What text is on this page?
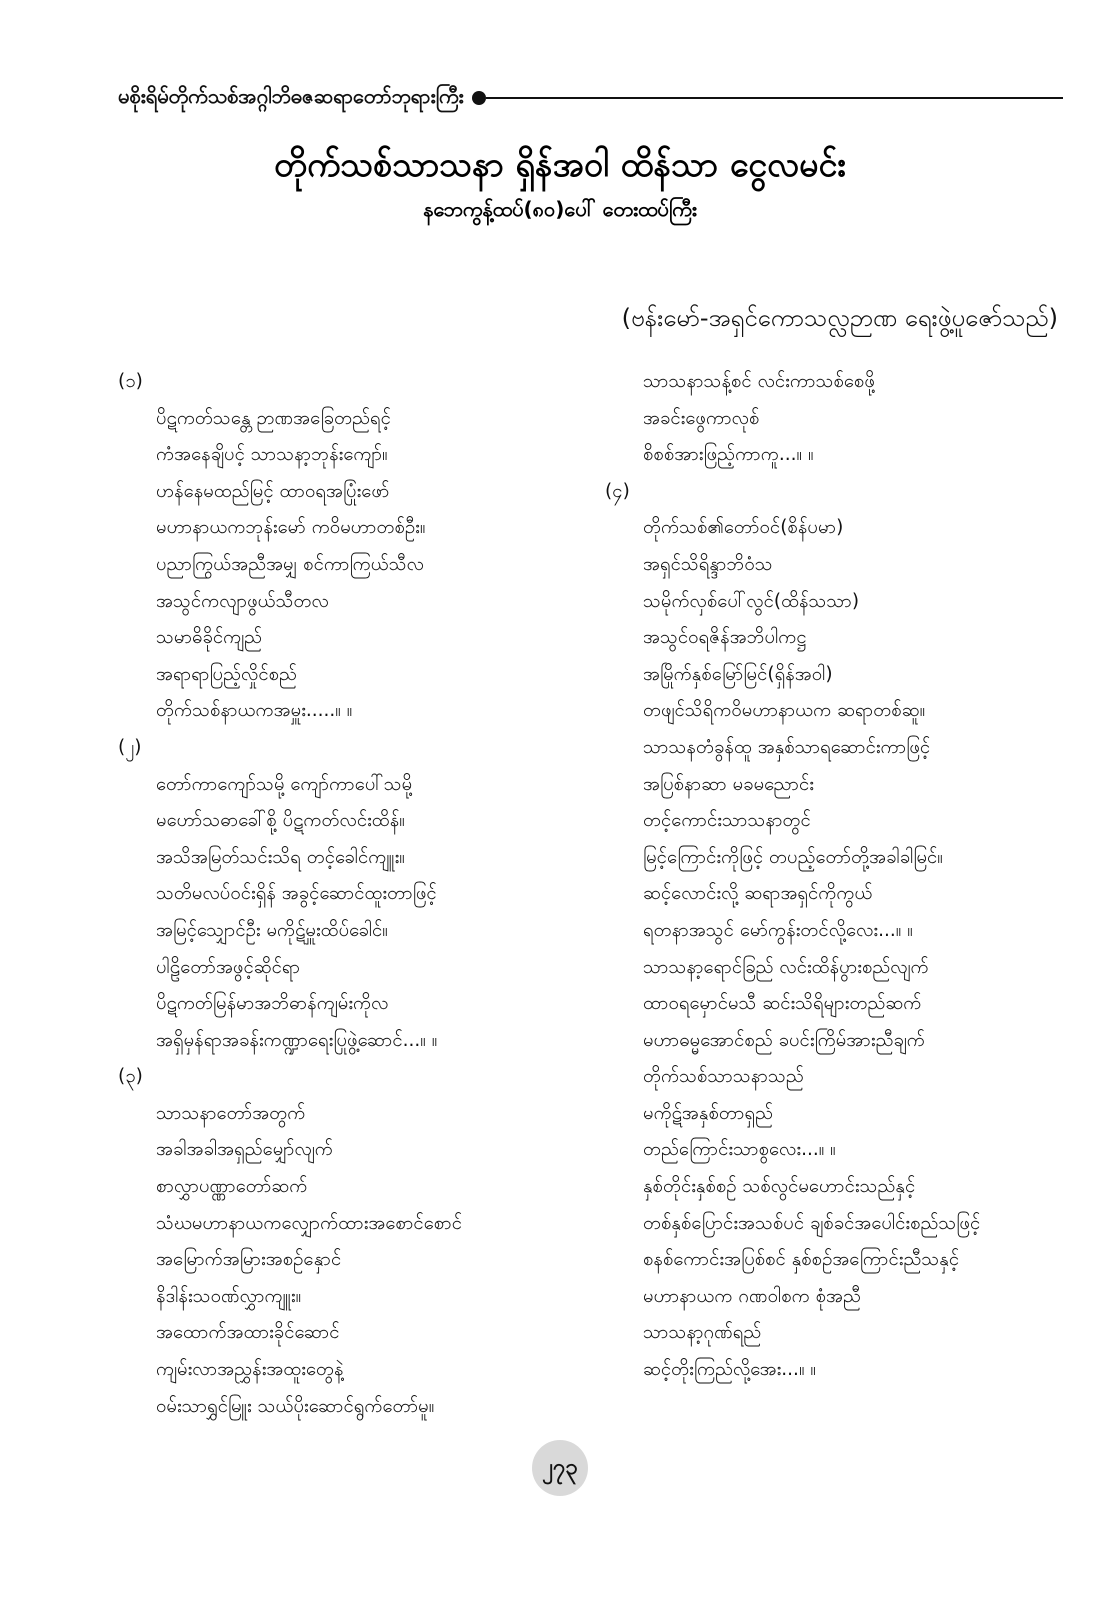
မစိုးရိမ်တိုက်သစ်အဂ္ဂါဘိဓဇဆရာတော်ဘုရားကြီး
တိုက်သစ်သာသနာ ရှိန်အဝါ ထိန်သာ ငွေလမင်း
နဘေကွန့်ထပ်(၈၀)ပေါ် တေးထပ်ကြီး
(ဗန်းမော်-အရှင်ကောသလ္လဉာဏ ရေးဖွဲ့ပူဇော်သည်)
(၁)
ပိဋကတ်သန္တေ ဉာဏအခြေတည်ရင့်
ကံအနေချိပင့် သာသနာ့ဘုန်းကျော်။
ဟန်နေမထည်မြင့် ထာဝရအပြုံးဖော်
မဟာနာယကဘုန်းမော် ကဝိမဟာတစ်ဦး။
ပညာကြွယ်အညီအမျှ စင်ကာကြယ်သီလ
အသွင်ကလျာဖွယ်သီတလ
သမာဓိခိုင်ကျည်
အရာရာပြည့်လှိုင်စည်
တိုက်သစ်နာယကအမှူး.....။ ။
(၂)
တော်ကာကျော်သမို့ ကျော်ကာပေါ်သမို့
မဟော်သဓာခေါ်စို့ ပိဋကတ်လင်းထိန်။
အသိအမြတ်သင်းသိရ တင့်ခေါင်ကျူး။
သတိမလပ်ဝင်းရှိန် အခွင့်ဆောင်ထူးတာဖြင့်
အမြင့်သျှောင်ဦး မကိုဋ်မှူးထိပ်ခေါင်။
ပါဠိတော်အဖွင့်ဆိုင်ရာ
ပိဋကတ်မြန်မာအဘိဓာန်ကျမ်းကိုလ
အရှိမှန်ရာအခန်းကဏ္ဍာရေးပြုဖွဲ့ဆောင်...။ ။
(၃)
သာသနာတော်အတွက်
အခါအခါအရှည်မျှော်လျက်
စာလွှာပဏ္ဏာတော်ဆက်
သံဃမဟာနာယကလျှောက်ထားအစောင်စောင်
အမြောက်အမြားအစဉ်နှောင်
နိဒါန်းသဝဏ်လွှာကျူး။
အထောက်အထားခိုင်ဆောင်
ကျမ်းလာအညွှန်းအထူးတွေနဲ့
ဝမ်းသာရွှင်မြူး သယ်ပိုးဆောင်ရွက်တော်မူ။
သာသနာသန့်စင် လင်းကာသစ်စေဖို့
အခင်းဖွေကာလုစ်
စိစစ်အားဖြည့်ကာကူ...။ ။
(၄)
တိုက်သစ်၏တော်ဝင်(စိန်ပမာ)
အရှင်သိရိန္ဒာဘိဝံသ
သမိုက်လှစ်ပေါ်လွင်(ထိန်သသာ)
အသွင်ဝရဇိန်အဘိပါကဋ္ဌ
အမြိုက်နှစ်မြော်မြင်(ရှိန်အဝါ)
တဖျင်သိရိကဝိမဟာနာယက ဆရာတစ်ဆူ။
သာသနတံခွန်ထူ အနှစ်သာရဆောင်းကာဖြင့်
အပြစ်နာဆာ မခမညောင်း
တင့်ကောင်းသာသနာတွင်
မြင့်ကြောင်းကိုဖြင့် တပည့်တော်တို့အခါခါမြင်။
ဆင့်လောင်းလို့ ဆရာအရှင်ကိုကွယ်
ရတနာအသွင် မော်ကွန်းတင်လို့လေး...။ ။
သာသနာ့ရောင်ခြည် လင်းထိန်ပွားစည်လျက်
ထာဝရမှောင်မသီ ဆင်းသိရိများတည်ဆက်
မဟာဓမ္မအောင်စည် ခပင်းကြိမ်အားညီချက်
တိုက်သစ်သာသနာသည်
မကိုဋ်အနှစ်တာရှည်
တည်ကြောင်းသာစွလေး...။ ။
နှစ်တိုင်းနှစ်စဉ် သစ်လွင်မဟောင်းသည်နှင့်
တစ်နှစ်ပြောင်းအသစ်ပင် ချစ်ခင်အပေါင်းစည်သဖြင့်
စနစ်ကောင်းအပြစ်စင် နှစ်စဉ်အကြောင်းညီသနှင့်
မဟာနာယက ဂဏဝါစက စုံအညီ
သာသနာ့ဂုဏ်ရည်
ဆင့်တိုးကြည်လို့အေး...။ ။
၂၇၃
